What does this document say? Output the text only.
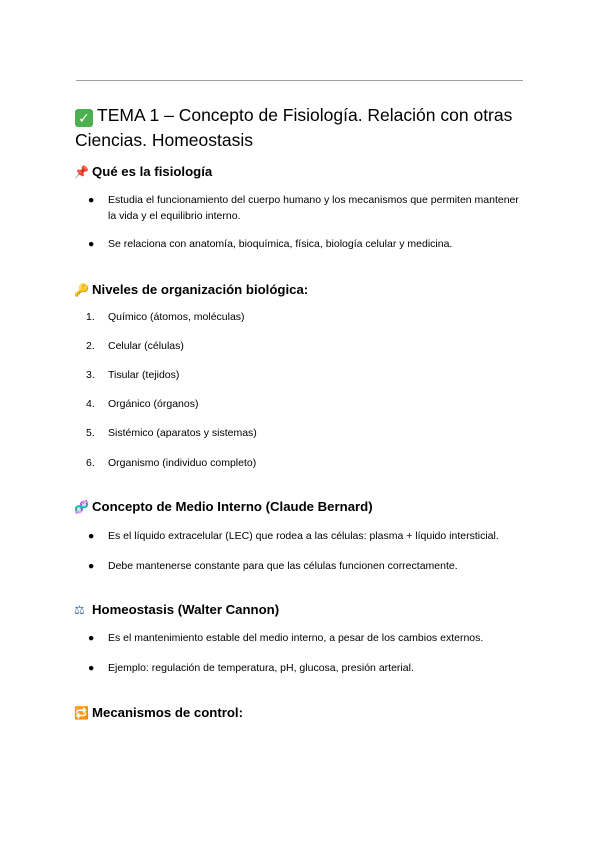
✓ TEMA 1 – Concepto de Fisiología. Relación con otras Ciencias. Homeostasis
📌 Qué es la fisiología
●	Estudia el funcionamiento del cuerpo humano y los mecanismos que permiten mantener la vida y el equilibrio interno.
●	Se relaciona con anatomía, bioquímica, física, biología celular y medicina.
🔑 Niveles de organización biológica:
1.	Químico (átomos, moléculas)
2.	Celular (células)
3.	Tisular (tejidos)
4.	Orgánico (órganos)
5.	Sistémico (aparatos y sistemas)
6.	Organismo (individuo completo)
🧬 Concepto de Medio Interno (Claude Bernard)
●	Es el líquido extracelular (LEC) que rodea a las células: plasma + líquido intersticial.
●	Debe mantenerse constante para que las células funcionen correctamente.
⚖ Homeostasis (Walter Cannon)
●	Es el mantenimiento estable del medio interno, a pesar de los cambios externos.
●	Ejemplo: regulación de temperatura, pH, glucosa, presión arterial.
🔁 Mecanismos de control:
